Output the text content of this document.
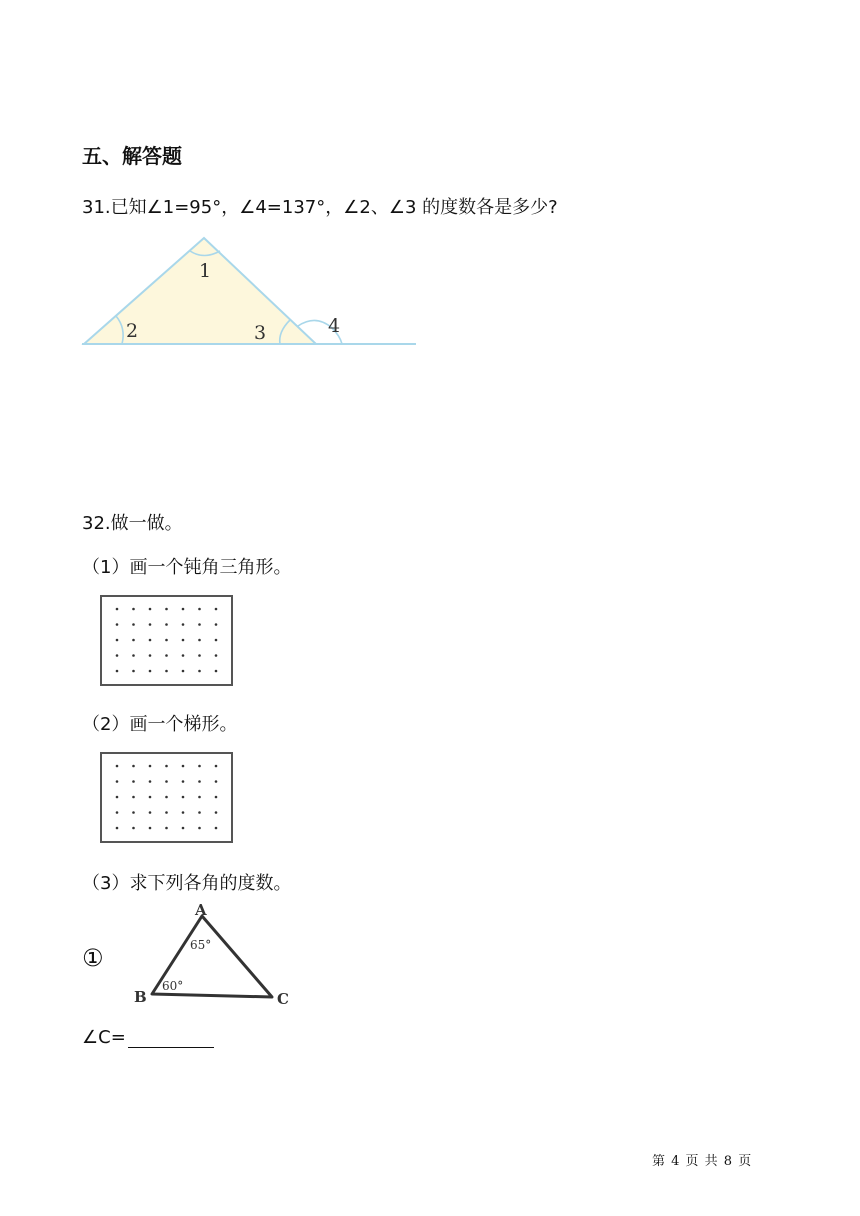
五、解答题
31.已知∠1=95°，∠4=137°，∠2、∠3 的度数各是多少?
1
2	3	4
32.做一做。
（1）画一个钝角三角形。
（2）画一个梯形。
（3）求下列各角的度数。
①
A
B	C
65°
60°
∠C=
第 4 页 共 8 页
